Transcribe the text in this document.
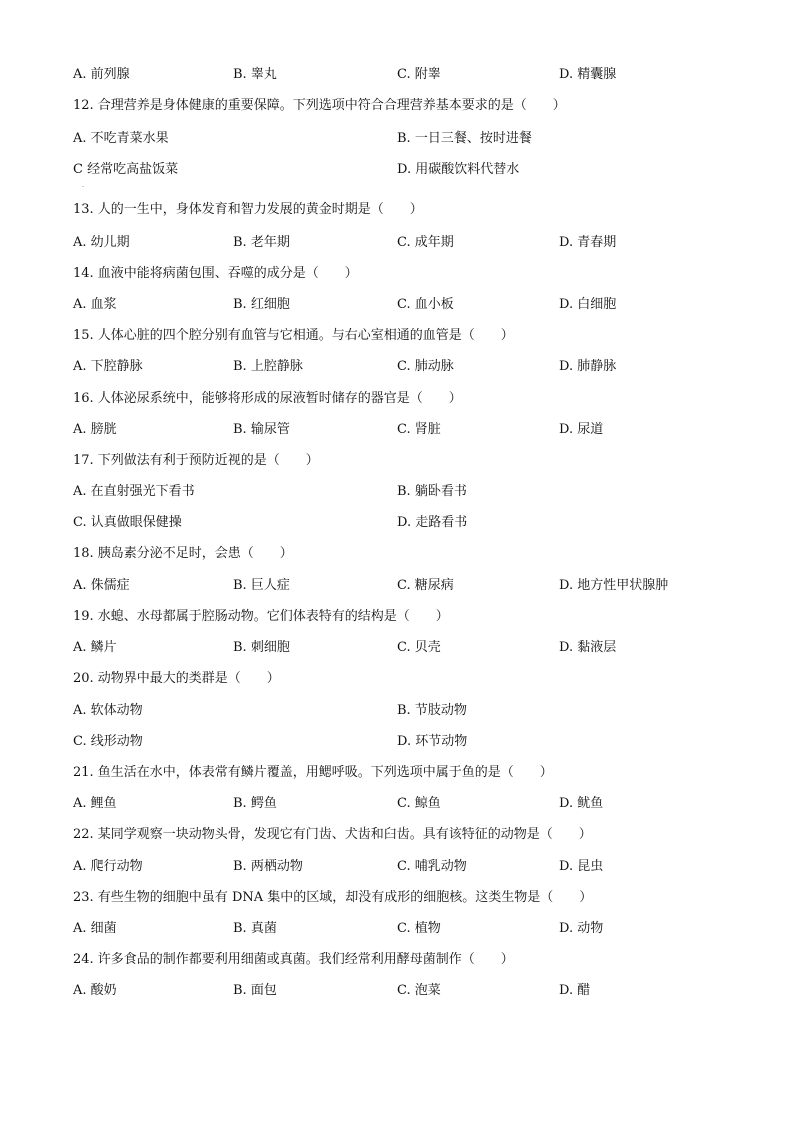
A. 前列腺	B. 睾丸	C. 附睾	D. 精囊腺
12. 合理营养是身体健康的重要保障。下列选项中符合合理营养基本要求的是（　　）
A. 不吃青菜水果	B. 一日三餐、按时进餐
C 经常吃高盐饭菜	D. 用碳酸饮料代替水
·
13. 人的一生中，身体发育和智力发展的黄金时期是（　　）
A. 幼儿期	B. 老年期	C. 成年期	D. 青春期
14. 血液中能将病菌包围、吞噬的成分是（　　）
A. 血浆	B. 红细胞	C. 血小板	D. 白细胞
15. 人体心脏的四个腔分别有血管与它相通。与右心室相通的血管是（　　）
A. 下腔静脉	B. 上腔静脉	C. 肺动脉	D. 肺静脉
16. 人体泌尿系统中，能够将形成的尿液暂时储存的器官是（　　）
A. 膀胱	B. 输尿管	C. 肾脏	D. 尿道
17. 下列做法有利于预防近视的是（　　）
A. 在直射强光下看书	B. 躺卧看书
C. 认真做眼保健操	D. 走路看书
18. 胰岛素分泌不足时，会患（　　）
A. 侏儒症	B. 巨人症	C. 糖尿病	D. 地方性甲状腺肿
19. 水螅、水母都属于腔肠动物。它们体表特有的结构是（　　）
A. 鳞片	B. 刺细胞	C. 贝壳	D. 黏液层
20. 动物界中最大的类群是（　　）
A. 软体动物	B. 节肢动物
C. 线形动物	D. 环节动物
21. 鱼生活在水中，体表常有鳞片覆盖，用鳃呼吸。下列选项中属于鱼的是（　　）
A. 鲤鱼	B. 鳄鱼	C. 鲸鱼	D. 鱿鱼
22. 某同学观察一块动物头骨，发现它有门齿、犬齿和臼齿。具有该特征的动物是（　　）
A. 爬行动物	B. 两栖动物	C. 哺乳动物	D. 昆虫
23. 有些生物的细胞中虽有 DNA 集中的区域，却没有成形的细胞核。这类生物是（　　）
A. 细菌	B. 真菌	C. 植物	D. 动物
24. 许多食品的制作都要利用细菌或真菌。我们经常利用酵母菌制作（　　）
A. 酸奶	B. 面包	C. 泡菜	D. 醋
